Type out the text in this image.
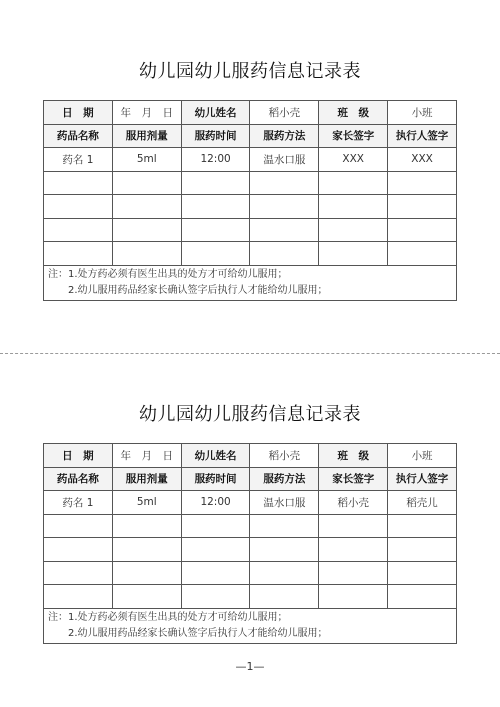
幼儿园幼儿服药信息记录表
日　期	年　月　日	幼儿姓名	稻小壳	班　级	小班
药品名称	服用剂量	服药时间	服药方法	家长签字	执行人签字
药名 1	5ml	12:00	温水口服	XXX	XXX

注：1.处方药必须有医生出具的处方才可给幼儿服用；
2.幼儿服用药品经家长确认签字后执行人才能给幼儿服用；					
幼儿园幼儿服药信息记录表
日　期	年　月　日	幼儿姓名	稻小壳	班　级	小班
药品名称	服用剂量	服药时间	服药方法	家长签字	执行人签字
药名 1	5ml	12:00	温水口服	稻小壳	稻壳儿

注：1.处方药必须有医生出具的处方才可给幼儿服用；
2.幼儿服用药品经家长确认签字后执行人才能给幼儿服用；					
—1—
